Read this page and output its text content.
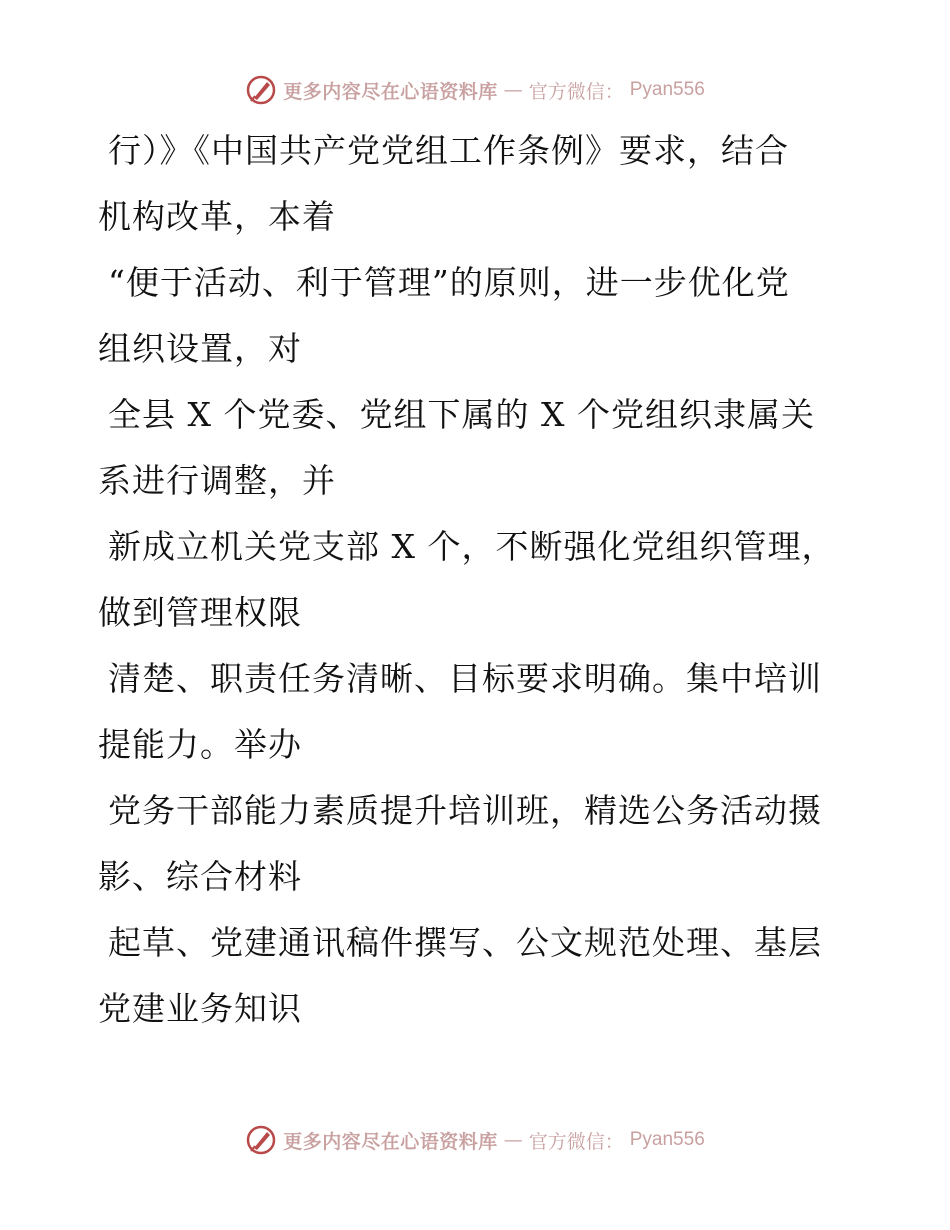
更多内容尽在心语资料库 — 官方微信： Pyan556

行）》《中国共产党党组工作条例》要求，结合
机构改革，本着

“便于活动、利于管理”的原则，进一步优化党
组织设置，对

全县 X 个党委、党组下属的 X 个党组织隶属关
系进行调整，并

新成立机关党支部 X 个，不断强化党组织管理，
做到管理权限

清楚、职责任务清晰、目标要求明确。集中培训
提能力。举办

党务干部能力素质提升培训班，精选公务活动摄
影、综合材料

起草、党建通讯稿件撰写、公文规范处理、基层
党建业务知识

更多内容尽在心语资料库 — 官方微信： Pyan556
